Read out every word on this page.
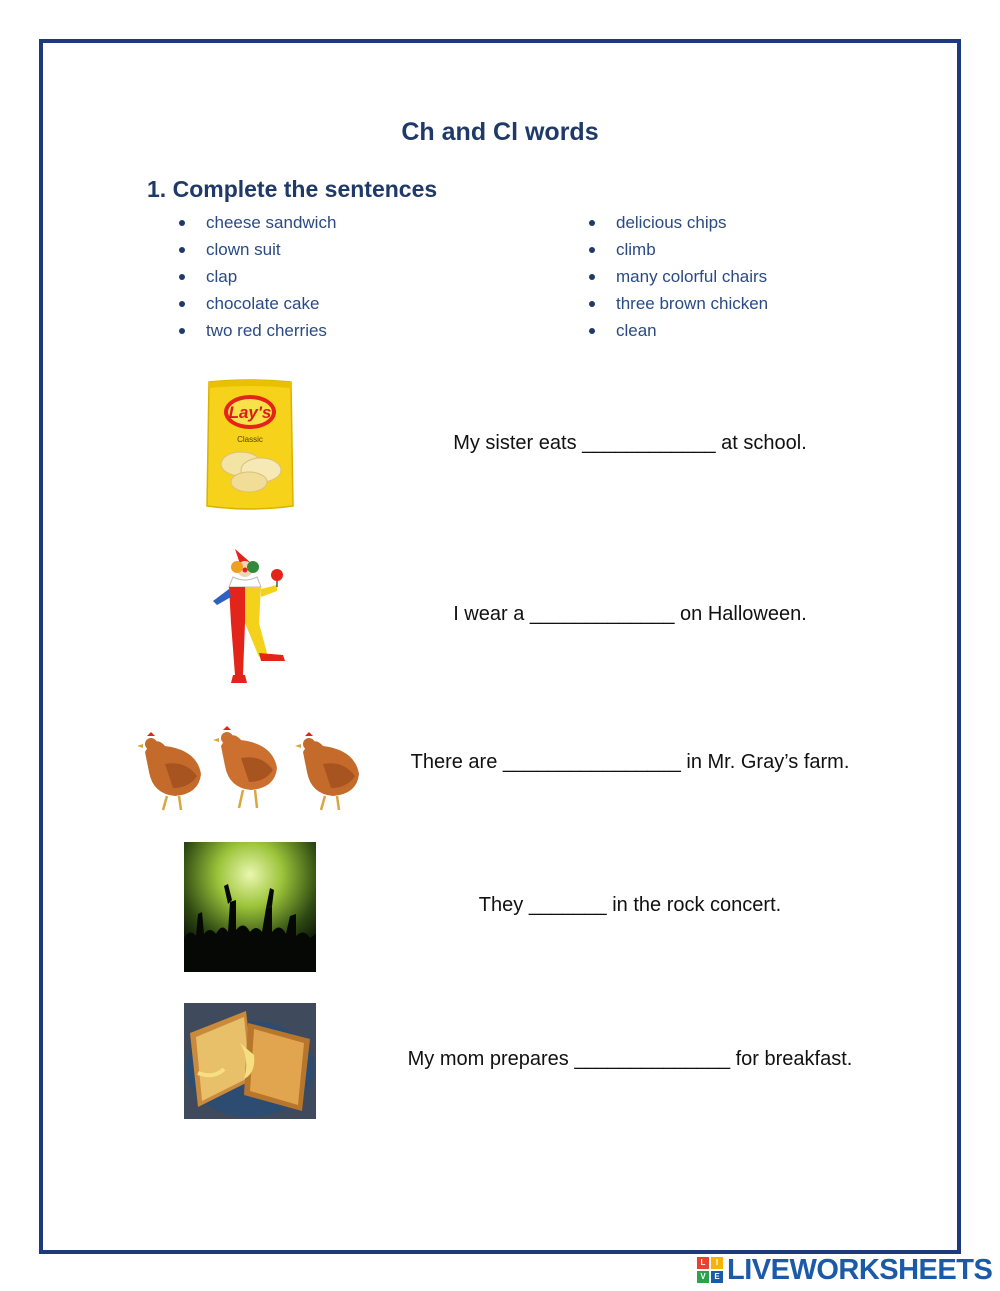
Ch and Cl words
1. Complete the sentences
cheese sandwich
clown suit
clap
chocolate cake
two red cherries
delicious chips
climb
many colorful chairs
three brown chicken
clean
Lay's
Classic	My sister eats ____________ at school.
I wear a _____________ on Halloween.
There are ________________ in Mr. Gray’s farm.
They _______ in the rock concert.
My mom prepares ______________ for breakfast.
L	I
V	E LIVEWORKSHEETS
